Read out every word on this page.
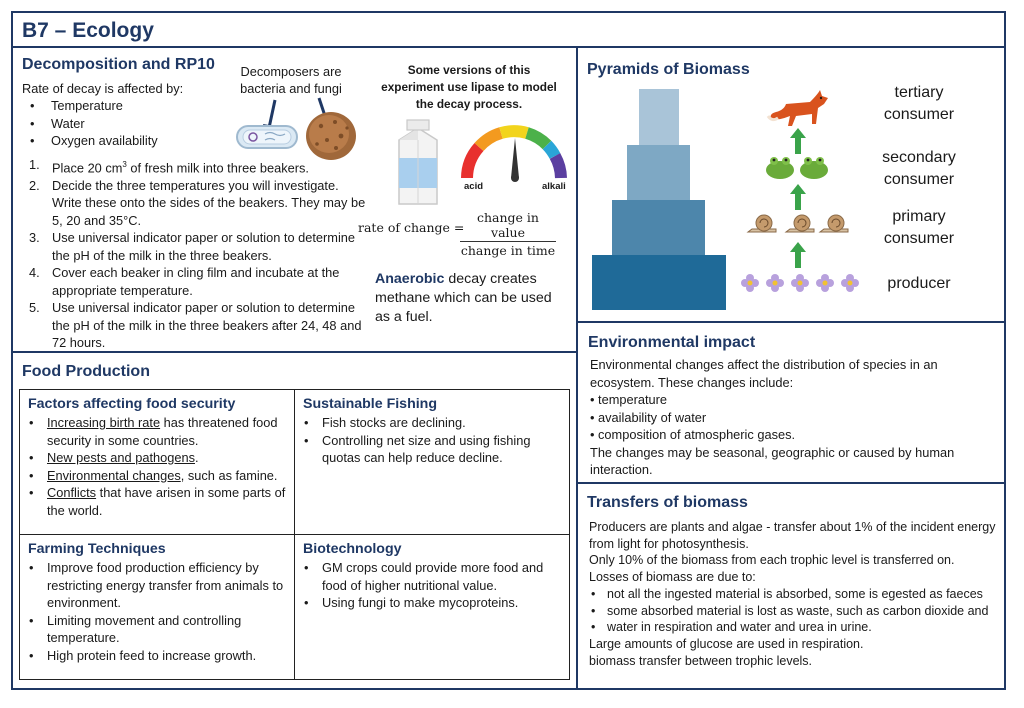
B7 – Ecology
Decomposition and RP10
Rate of decay is affected by:
• Temperature
• Water
• Oxygen availability
Decomposers are bacteria and fungi
Some versions of this experiment use lipase to model the decay process.
acid	alkali
rate of change =
change in value
change in time
Place 20 $cm^3$ of fresh milk into three beakers.
Decide the three temperatures you will investigate. Write these onto the sides of the beakers. They may be 5, 20 and 35°C.
Use universal indicator paper or solution to determine the pH of the milk in the three beakers.
Cover each beaker in cling film and incubate at the appropriate temperature.
Use universal indicator paper or solution to determine the pH of the milk in the three beakers after 24, 48 and 72 hours.
Anaerobic decay creates methane which can be used as a fuel.
Food Production
Factors affecting food security
• Increasing birth rate has threatened food security in some countries.
• New pests and pathogens.
• Environmental changes, such as famine.
• Conflicts that have arisen in some parts of the world.
Sustainable Fishing
• Fish stocks are declining.
• Controlling net size and using fishing quotas can help reduce decline.
Farming Techniques
• Improve food production efficiency by restricting energy transfer from animals to environment.
• Limiting movement and controlling temperature.
• High protein feed to increase growth.
Biotechnology
• GM crops could provide more food and food of higher nutritional value.
• Using fungi to make mycoproteins.
Pyramids of Biomass
tertiary
consumer
secondary
consumer
primary
consumer
producer
Environmental impact
Environmental changes affect the distribution of species in an ecosystem. These changes include:
• temperature
• availability of water
• composition of atmospheric gases.
The changes may be seasonal, geographic or caused by human interaction.
Transfers of biomass
Producers are plants and algae - transfer about 1% of the incident energy from light for photosynthesis.
Only 10% of the biomass from each trophic level is transferred on.
Losses of biomass are due to:
• not all the ingested material is absorbed, some is egested as faeces
• some absorbed material is lost as waste, such as carbon dioxide and
• water in respiration and water and urea in urine.
Large amounts of glucose are used in respiration.
biomass transfer between trophic levels.
